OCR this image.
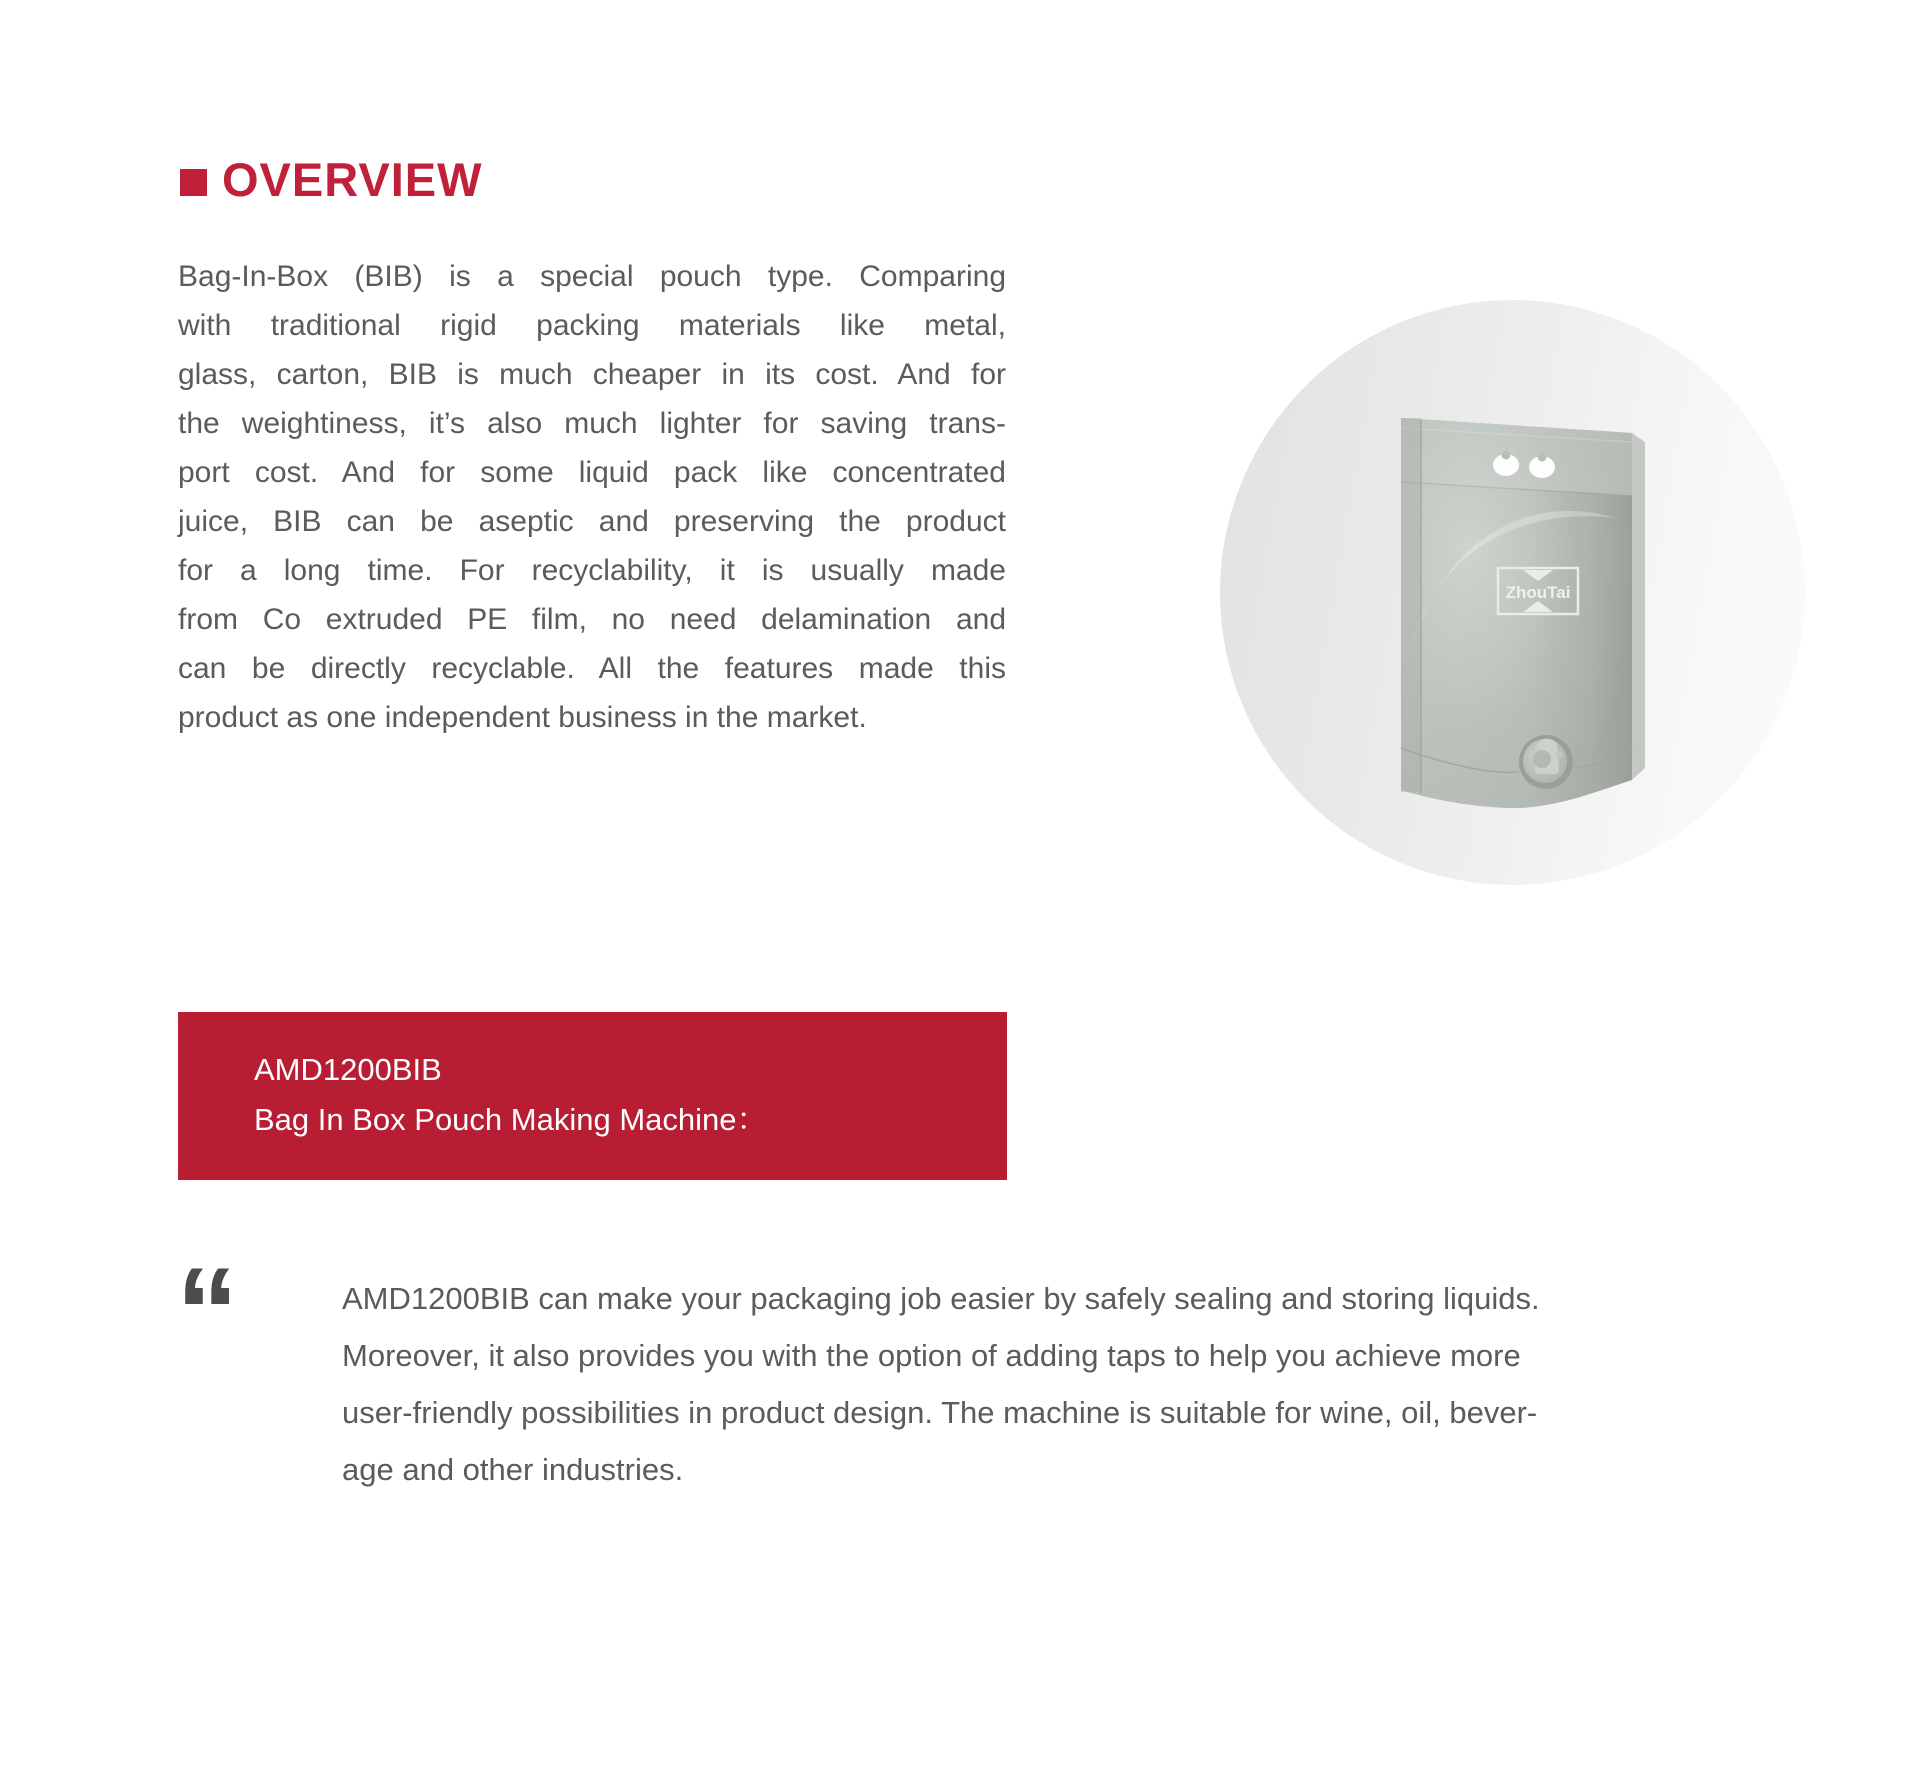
OVERVIEW
Bag-In-Box (BIB) is a special pouch type. Comparing
with traditional rigid packing materials like metal,
glass, carton, BIB is much cheaper in its cost. And for
the weightiness, it’s also much lighter for saving trans-
port cost. And for some liquid pack like concentrated
juice, BIB can be aseptic and preserving the product
for a long time. For recyclability, it is usually made
from Co extruded PE film, no need delamination and
can be directly recyclable. All the features made this
product as one independent business in the market.
ZhouTai
AMD1200BIB
Bag In Box Pouch Making Machine：
“	AMD1200BIB can make your packaging job easier by safely sealing and storing liquids.
Moreover, it also provides you with the option of adding taps to help you achieve more
user-friendly possibilities in product design. The machine is suitable for wine, oil, bever-
age and other industries.
